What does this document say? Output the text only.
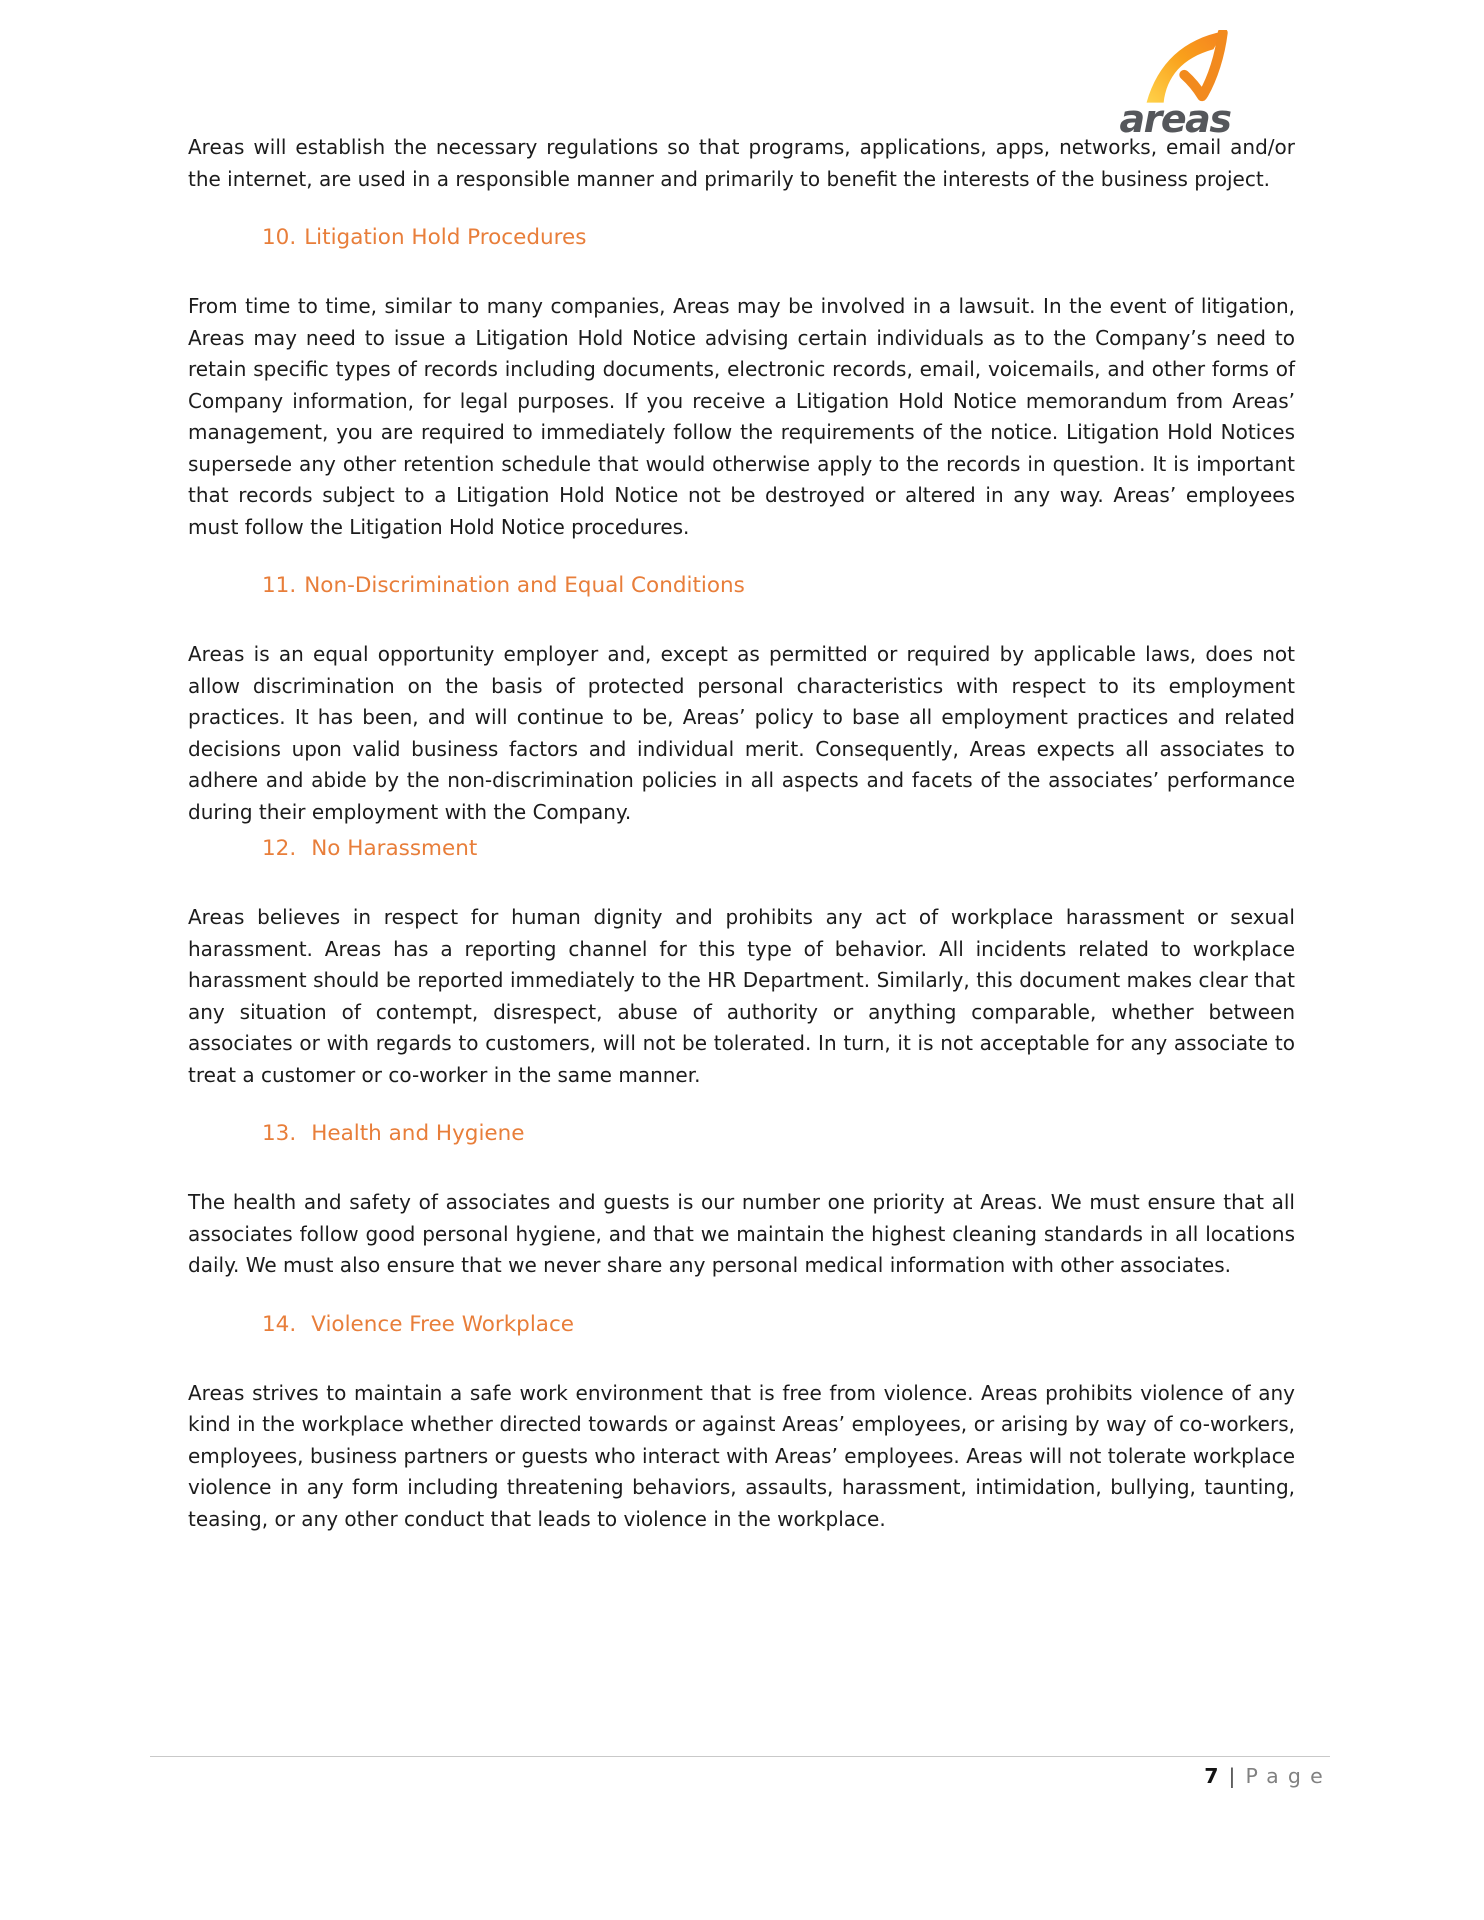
areas

Areas will establish the necessary regulations so that programs, applications, apps, networks, email and/or the internet, are used in a responsible manner and primarily to benefit the interests of the business project.

10. Litigation Hold Procedures

From time to time, similar to many companies, Areas may be involved in a lawsuit. In the event of litigation, Areas may need to issue a Litigation Hold Notice advising certain individuals as to the Company’s need to retain specific types of records including documents, electronic records, email, voicemails, and other forms of Company information, for legal purposes. If you receive a Litigation Hold Notice memorandum from Areas’ management, you are required to immediately follow the requirements of the notice. Litigation Hold Notices supersede any other retention schedule that would otherwise apply to the records in question. It is important that records subject to a Litigation Hold Notice not be destroyed or altered in any way. Areas’ employees must follow the Litigation Hold Notice procedures.

11. Non-Discrimination and Equal Conditions

Areas is an equal opportunity employer and, except as permitted or required by applicable laws, does not allow discrimination on the basis of protected personal characteristics with respect to its employment practices. It has been, and will continue to be, Areas’ policy to base all employment practices and related decisions upon valid business factors and individual merit. Consequently, Areas expects all associates to adhere and abide by the non-discrimination policies in all aspects and facets of the associates’ performance during their employment with the Company.

12. No Harassment

Areas believes in respect for human dignity and prohibits any act of workplace harassment or sexual harassment. Areas has a reporting channel for this type of behavior. All incidents related to workplace harassment should be reported immediately to the HR Department. Similarly, this document makes clear that any situation of contempt, disrespect, abuse of authority or anything comparable, whether between associates or with regards to customers, will not be tolerated. In turn, it is not acceptable for any associate to treat a customer or co-worker in the same manner.

13. Health and Hygiene

The health and safety of associates and guests is our number one priority at Areas. We must ensure that all associates follow good personal hygiene, and that we maintain the highest cleaning standards in all locations daily. We must also ensure that we never share any personal medical information with other associates.

14. Violence Free Workplace

Areas strives to maintain a safe work environment that is free from violence. Areas prohibits violence of any kind in the workplace whether directed towards or against Areas’ employees, or arising by way of co-workers, employees, business partners or guests who interact with Areas’ employees. Areas will not tolerate workplace violence in any form including threatening behaviors, assaults, harassment, intimidation, bullying, taunting, teasing, or any other conduct that leads to violence in the workplace.

7 | Page
